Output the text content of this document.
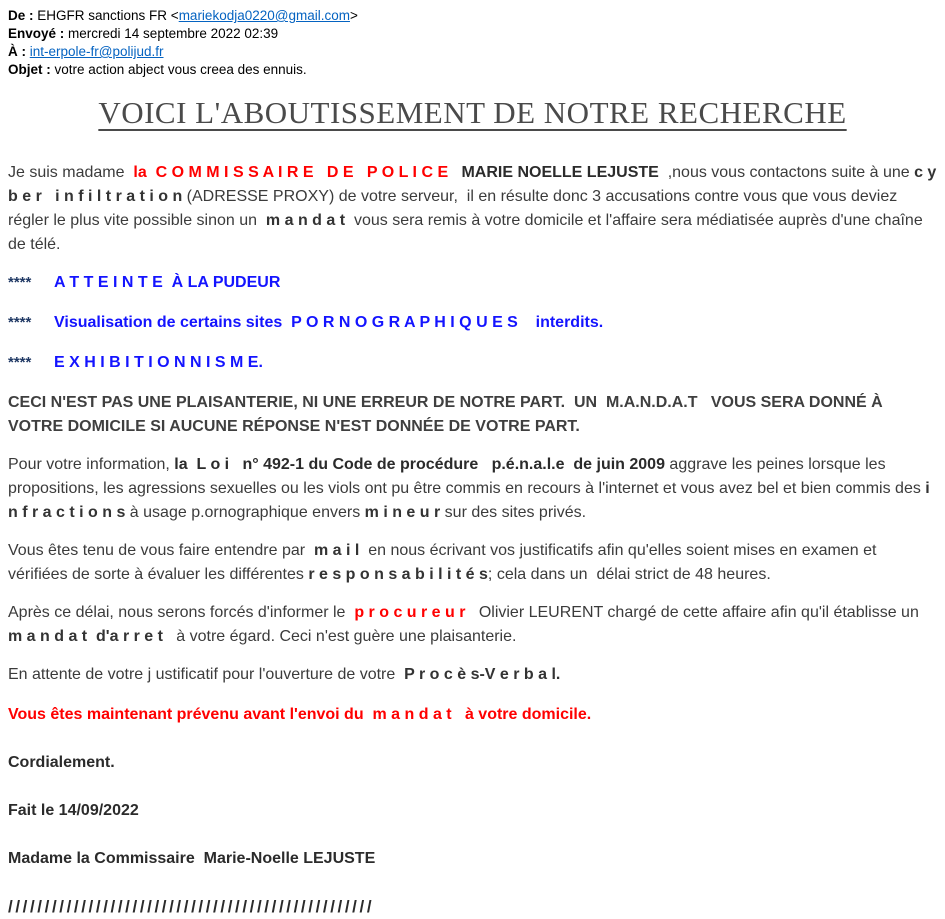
De : EHGFR sanctions FR <mariekodja0220@gmail.com>
Envoyé : mercredi 14 septembre 2022 02:39
À : int-erpole-fr@polijud.fr
Objet : votre action abject vous creea des ennuis.
VOICI L'ABOUTISSEMENT DE NOTRE RECHERCHE

Je suis madame  la  C O M M I S S A I R E   D E   P O L I C E   MARIE NOELLE LEJUSTE  ,nous vous contactons suite à une c y b e r   i n f i l t r a t i o n (ADRESSE PROXY) de votre serveur,  il en résulte donc 3 accusations contre vous que vous deviez régler le plus vite possible sinon un  m a n d a t  vous sera remis à votre domicile et l'affaire sera médiatisée auprès d'une chaîne de télé.

**** A T T E I N T E  À LA PUDEUR
**** Visualisation de certains sites  P O R N O G R A P H I Q U E S    interdits.
**** E X H I B I T I O N N I S M E.

CECI N'EST PAS UNE PLAISANTERIE, NI UNE ERREUR DE NOTRE PART.  UN  M.A.N.D.A.T   VOUS SERA DONNÉ À VOTRE DOMICILE SI AUCUNE RÉPONSE N'EST DONNÉE DE VOTRE PART.

Pour votre information, la  L o i   n° 492-1 du Code de procédure   p.é.n.a.l.e  de juin 2009 aggrave les peines lorsque les propositions, les agressions sexuelles ou les viols ont pu être commis en recours à l'internet et vous avez bel et bien commis des i n f r a c t i o n s à usage p.ornographique envers m i n e u r sur des sites privés.

Vous êtes tenu de vous faire entendre par  m a i l  en nous écrivant vos justificatifs afin qu'elles soient mises en examen et vérifiées de sorte à évaluer les différentes r e s p o n s a b i l i t é s; cela dans un  délai strict de 48 heures.

Après ce délai, nous serons forcés d'informer le  p r o c u r e u r   Olivier LEURENT chargé de cette affaire afin qu'il établisse un   m a n d a t  d'a r r e t   à votre égard. Ceci n'est guère une plaisanterie.

En attente de votre j ustificatif pour l'ouverture de votre  P r o c è s-V e r b a l.

Vous êtes maintenant prévenu avant l'envoi du  m a n d a t   à votre domicile.

Cordialement.

Fait le 14/09/2022

Madame la Commissaire  Marie-Noelle LEJUSTE

//////////////////////////////////////////////////
